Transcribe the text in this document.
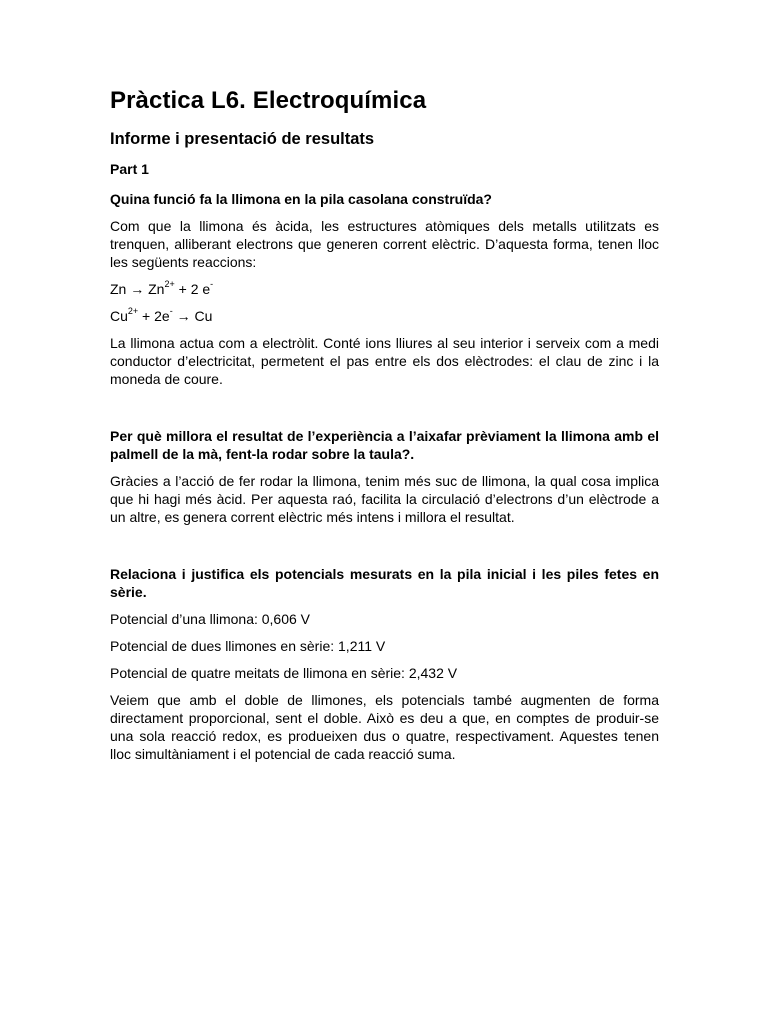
Pràctica L6. Electroquímica
Informe i presentació de resultats
Part 1
Quina funció fa la llimona en la pila casolana construïda?

Com que la llimona és àcida, les estructures atòmiques dels metalls utilitzats es trenquen, alliberant electrons que generen corrent elèctric. D’aquesta forma, tenen lloc les següents reaccions:

$Zn \to Zn^{2+} + 2$ e-
$Cu^{2+} + 2e^- \to Cu$

La llimona actua com a electròlit. Conté ions lliures al seu interior i serveix com a medi conductor d’electricitat, permetent el pas entre els dos elèctrodes: el clau de zinc i la moneda de coure.

Per què millora el resultat de l’experiència a l’aixafar prèviament la llimona amb el palmell de la mà, fent-la rodar sobre la taula?.

Gràcies a l’acció de fer rodar la llimona, tenim més suc de llimona, la qual cosa implica que hi hagi més àcid. Per aquesta raó, facilita la circulació d’electrons d’un elèctrode a un altre, es genera corrent elèctric més intens i millora el resultat.

Relaciona i justifica els potencials mesurats en la pila inicial i les piles fetes en sèrie.

Potencial d’una llimona: 0,606 V

Potencial de dues llimones en sèrie: 1,211 V

Potencial de quatre meitats de llimona en sèrie: 2,432 V

Veiem que amb el doble de llimones, els potencials també augmenten de forma directament proporcional, sent el doble. Això es deu a que, en comptes de produir-se una sola reacció redox, es produeixen dus o quatre, respectivament. Aquestes tenen lloc simultàniament i el potencial de cada reacció suma.
